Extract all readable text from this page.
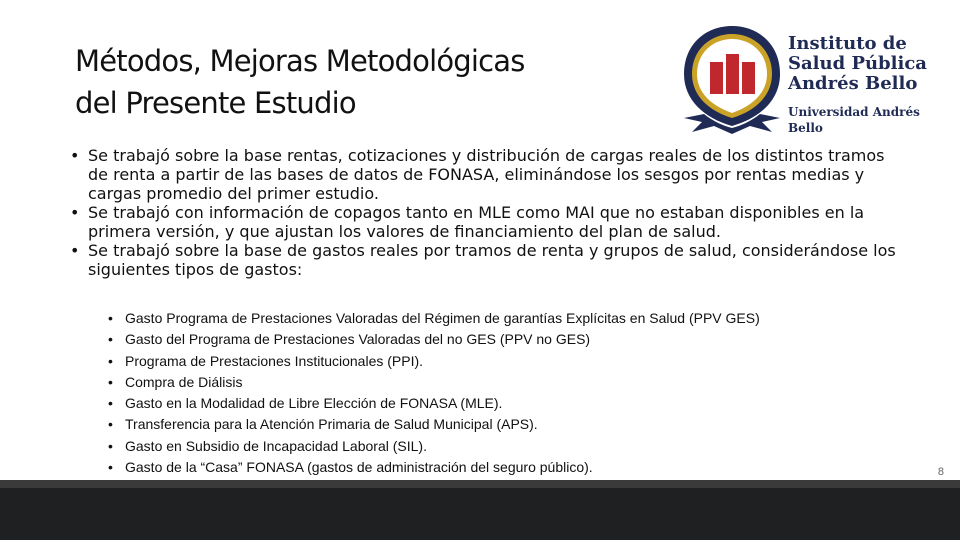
Métodos, Mejoras Metodológicas
del Presente Estudio
Instituto de
Salud Pública
Andrés Bello
Universidad Andrés Bello
• Se trabajó sobre la base rentas, cotizaciones y distribución de cargas reales de los distintos tramos de renta a partir de las bases de datos de FONASA, eliminándose los sesgos por rentas medias y cargas promedio del primer estudio.
• Se trabajó con información de copagos tanto en MLE como MAI que no estaban disponibles en la primera versión, y que ajustan los valores de financiamiento del plan de salud.
• Se trabajó sobre la base de gastos reales por tramos de renta y grupos de salud, considerándose los siguientes tipos de gastos:
• Gasto Programa de Prestaciones Valoradas del Régimen de garantías Explícitas en Salud (PPV GES)
• Gasto del Programa de Prestaciones Valoradas del no GES (PPV no GES)
• Programa de Prestaciones Institucionales (PPI).
• Compra de Diálisis
• Gasto en la Modalidad de Libre Elección de FONASA (MLE).
• Transferencia para la Atención Primaria de Salud Municipal (APS).
• Gasto en Subsidio de Incapacidad Laboral (SIL).
• Gasto de la “Casa” FONASA (gastos de administración del seguro público).	8
